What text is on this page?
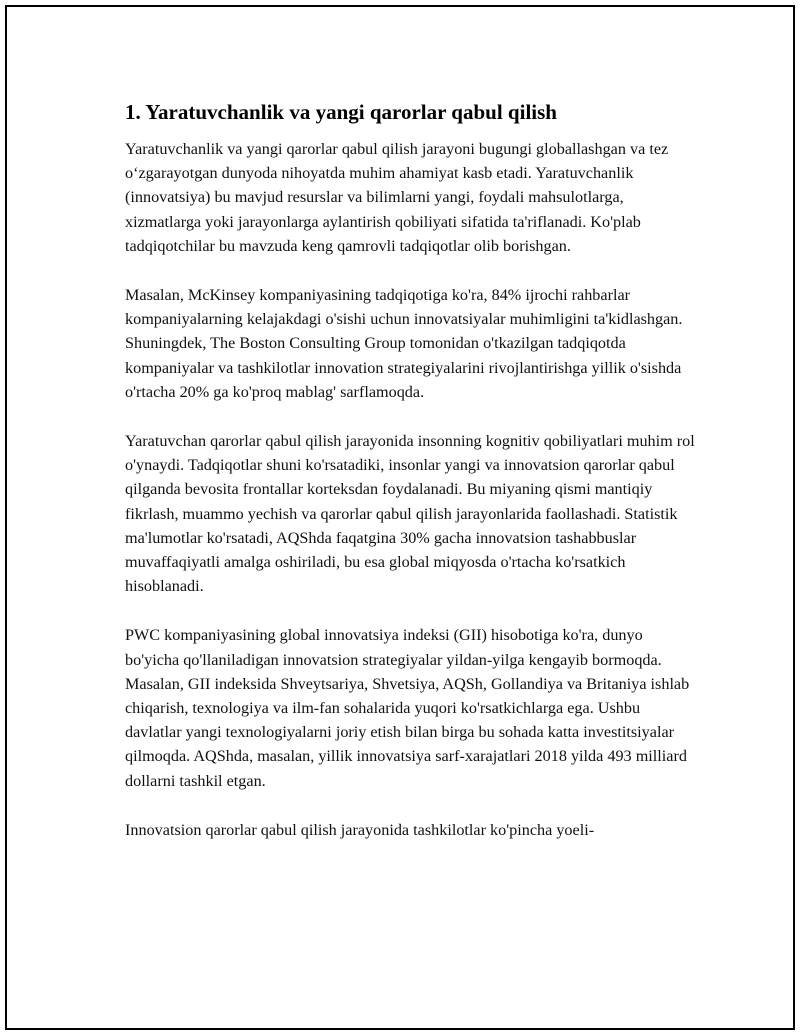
1. Yaratuvchanlik va yangi qarorlar qabul qilish

Yaratuvchanlik va yangi qarorlar qabul qilish jarayoni bugungi globallashgan va tez oʻzgarayotgan dunyoda nihoyatda muhim ahamiyat kasb etadi. Yaratuvchanlik (innovatsiya) bu mavjud resurslar va bilimlarni yangi, foydali mahsulotlarga, xizmatlarga yoki jarayonlarga aylantirish qobiliyati sifatida ta'riflanadi. Ko'plab tadqiqotchilar bu mavzuda keng qamrovli tadqiqotlar olib borishgan.

Masalan, McKinsey kompaniyasining tadqiqotiga ko'ra, 84% ijrochi rahbarlar kompaniyalarning kelajakdagi o'sishi uchun innovatsiyalar muhimligini ta'kidlashgan. Shuningdek, The Boston Consulting Group tomonidan o'tkazilgan tadqiqotda kompaniyalar va tashkilotlar innovation strategiyalarini rivojlantirishga yillik o'sishda o'rtacha 20% ga ko'proq mablag' sarflamoqda.

Yaratuvchan qarorlar qabul qilish jarayonida insonning kognitiv qobiliyatlari muhim rol o'ynaydi. Tadqiqotlar shuni ko'rsatadiki, insonlar yangi va innovatsion qarorlar qabul qilganda bevosita frontallar korteksdan foydalanadi. Bu miyaning qismi mantiqiy fikrlash, muammo yechish va qarorlar qabul qilish jarayonlarida faollashadi. Statistik ma'lumotlar ko'rsatadi, AQShda faqatgina 30% gacha innovatsion tashabbuslar muvaffaqiyatli amalga oshiriladi, bu esa global miqyosda o'rtacha ko'rsatkich hisoblanadi.

PWC kompaniyasining global innovatsiya indeksi (GII) hisobotiga ko'ra, dunyo bo'yicha qo'llaniladigan innovatsion strategiyalar yildan-yilga kengayib bormoqda. Masalan, GII indeksida Shveytsariya, Shvetsiya, AQSh, Gollandiya va Britaniya ishlab chiqarish, texnologiya va ilm-fan sohalarida yuqori ko'rsatkichlarga ega. Ushbu davlatlar yangi texnologiyalarni joriy etish bilan birga bu sohada katta investitsiyalar qilmoqda. AQShda, masalan, yillik innovatsiya sarf-xarajatlari 2018 yilda 493 milliard dollarni tashkil etgan.

Innovatsion qarorlar qabul qilish jarayonida tashkilotlar ko'pincha yoeli-
